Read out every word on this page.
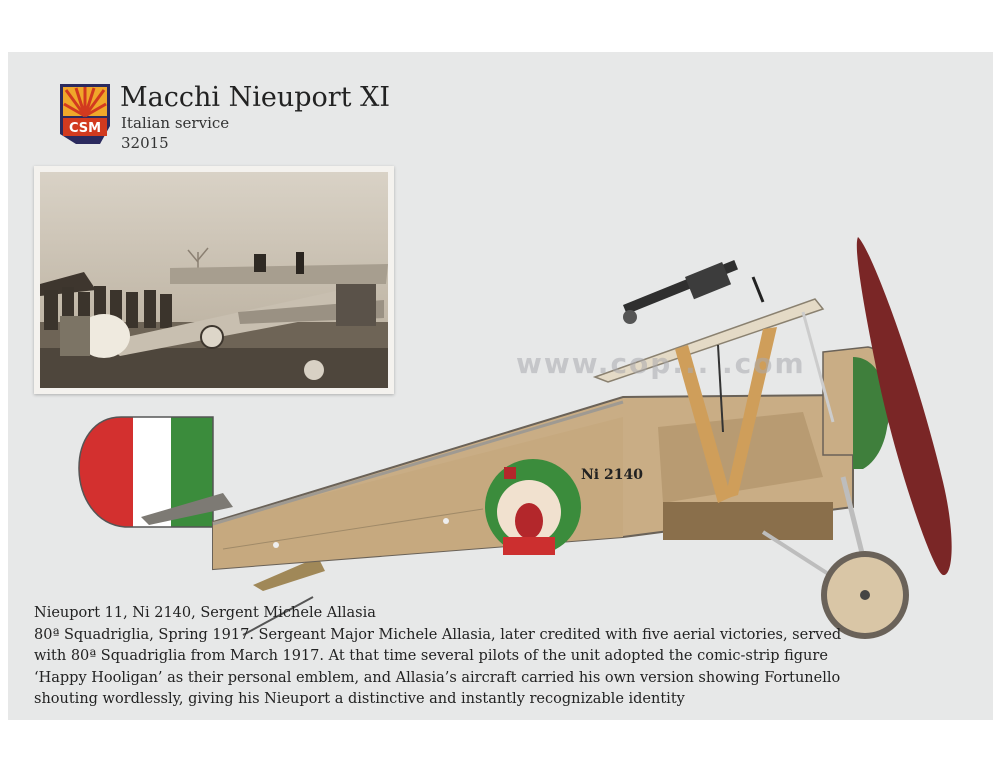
CSM
Macchi Nieuport XI
Italian service
32015
Ni 2140
www.cop... .com
Nieuport 11, Ni 2140, Sergent Michele Allasia
80ª Squadriglia, Spring 1917. Sergeant Major Michele Allasia, later credited with five aerial victories, served
with 80ª Squadriglia from March 1917. At that time several pilots of the unit adopted the comic-strip figure
‘Happy Hooligan’ as their personal emblem, and Allasia’s aircraft carried his own version showing Fortunello
shouting wordlessly, giving his Nieuport a distinctive and instantly recognizable identity
